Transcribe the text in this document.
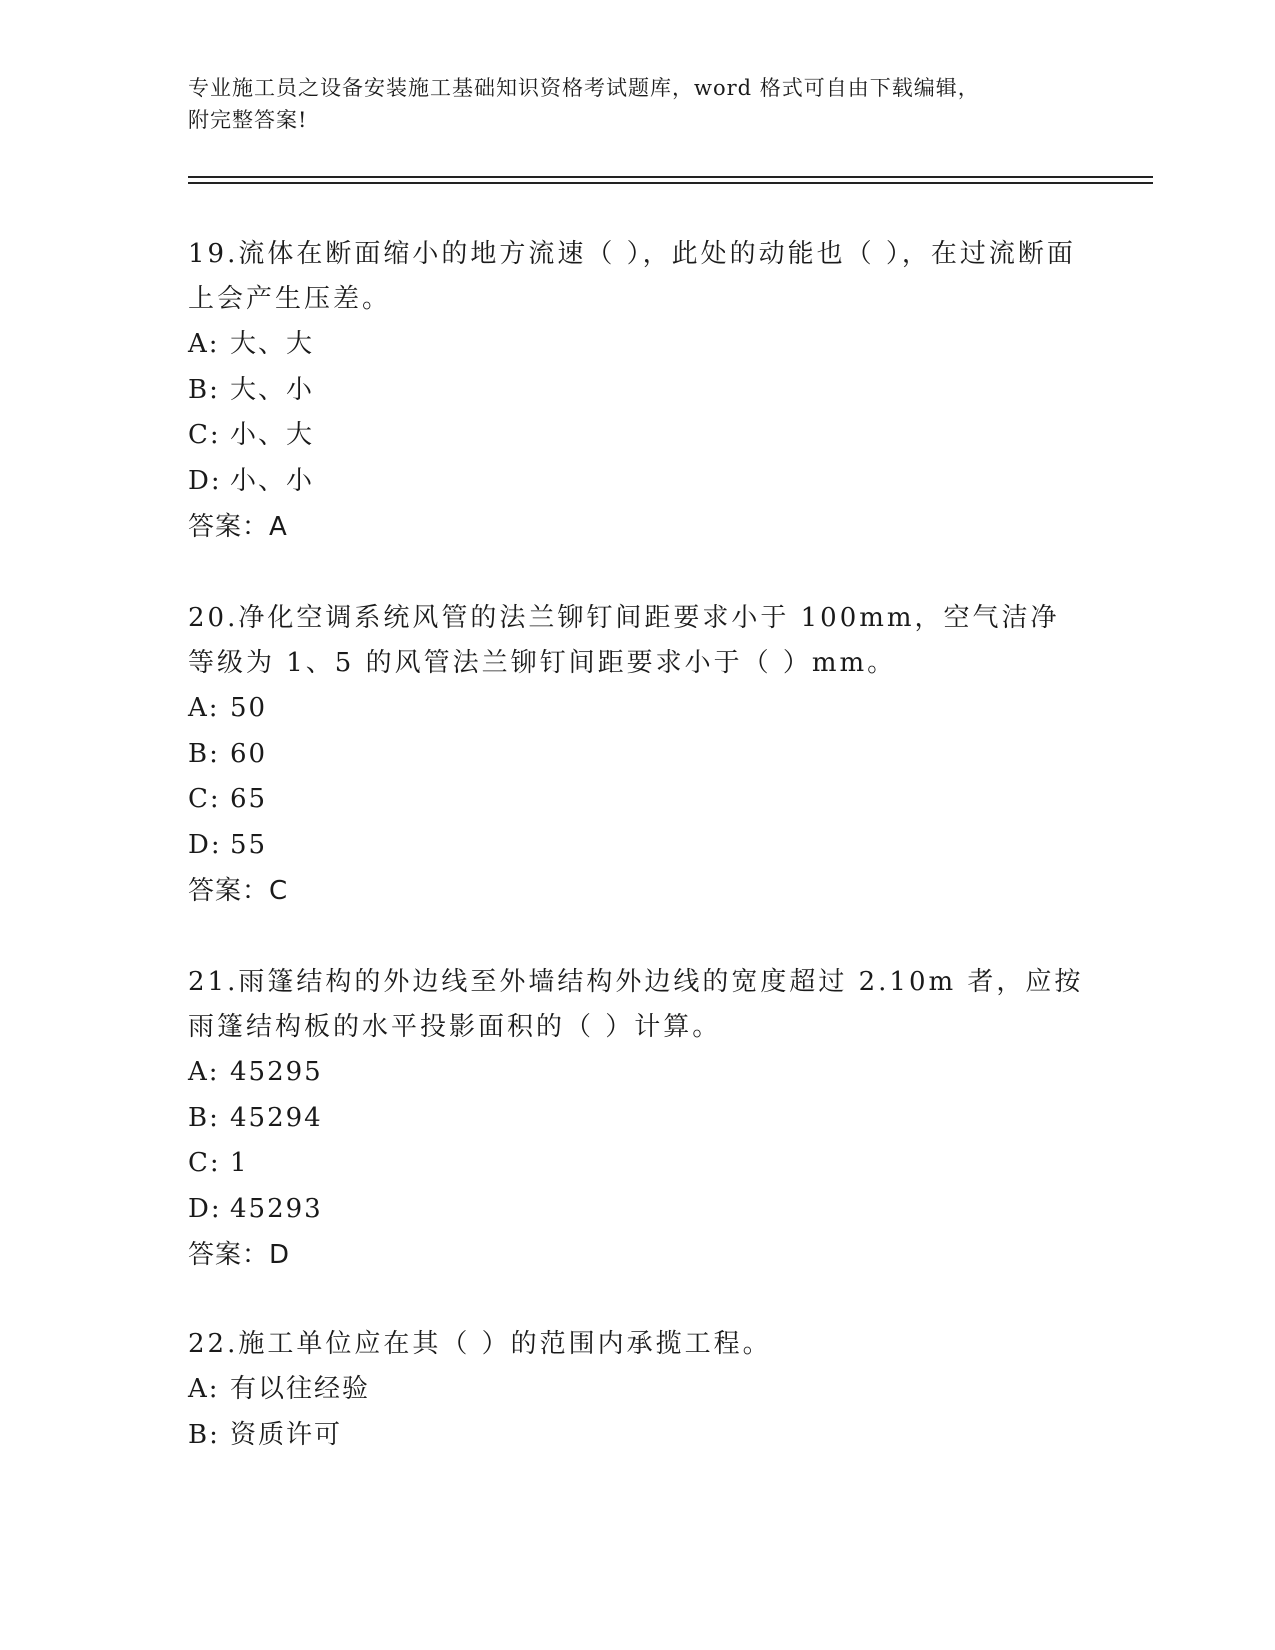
专业施工员之设备安装施工基础知识资格考试题库，word 格式可自由下载编辑，
附完整答案!

19.流体在断面缩小的地方流速（ ），此处的动能也（ ），在过流断面上会产生压差。

A: 大、大

B: 大、小

C: 小、大

D: 小、小

答案：A

20.净化空调系统风管的法兰铆钉间距要求小于 100mm，空气洁净等级为 1、5 的风管法兰铆钉间距要求小于（ ）mm。

A: 50

B: 60

C: 65

D: 55

答案：C

21.雨篷结构的外边线至外墙结构外边线的宽度超过 2.10m 者，应按雨篷结构板的水平投影面积的（ ）计算。

A: 45295

B: 45294

C: 1

D: 45293

答案：D

22.施工单位应在其（ ）的范围内承揽工程。

A: 有以往经验

B: 资质许可
